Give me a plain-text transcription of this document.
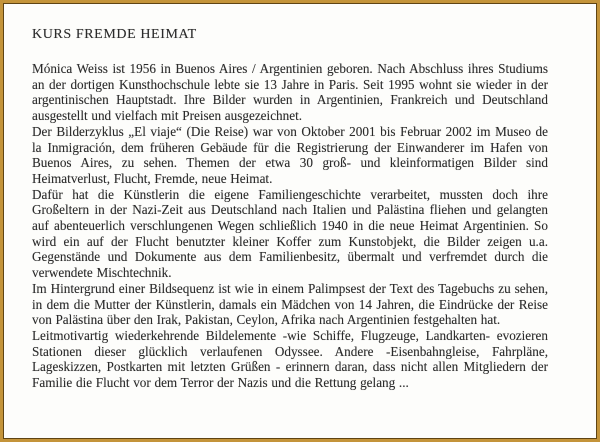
KURS FREMDE HEIMAT

Mónica Weiss ist 1956 in Buenos Aires / Argentinien geboren. Nach Abschluss ihres Studiums an der dortigen Kunsthochschule lebte sie 13 Jahre in Paris. Seit 1995 wohnt sie wieder in der argentinischen Hauptstadt. Ihre Bilder wurden in Argentinien, Frankreich und Deutschland ausgestellt und vielfach mit Preisen ausgezeichnet.

Der Bilderzyklus „El viaje“ (Die Reise) war von Oktober 2001 bis Februar 2002 im Museo de la Inmigración, dem früheren Gebäude für die Registrierung der Einwanderer im Hafen von Buenos Aires, zu sehen. Themen der etwa 30 groß- und kleinformatigen Bilder sind Heimatverlust, Flucht, Fremde, neue Heimat.

Dafür hat die Künstlerin die eigene Familiengeschichte verarbeitet, mussten doch ihre Großeltern in der Nazi-Zeit aus Deutschland nach Italien und Palästina fliehen und gelangten auf abenteuerlich verschlungenen Wegen schließlich 1940 in die neue Heimat Argentinien. So wird ein auf der Flucht benutzter kleiner Koffer zum Kunstobjekt, die Bilder zeigen u.a. Gegenstände und Dokumente aus dem Familienbesitz, übermalt und verfremdet durch die verwendete Mischtechnik.

Im Hintergrund einer Bildsequenz ist wie in einem Palimpsest der Text des Tagebuchs zu sehen, in dem die Mutter der Künstlerin, damals ein Mädchen von 14 Jahren, die Eindrücke der Reise von Palästina über den Irak, Pakistan, Ceylon, Afrika nach Argentinien festgehalten hat.

Leitmotivartig wiederkehrende Bildelemente -wie Schiffe, Flugzeuge, Landkarten- evozieren Stationen dieser glücklich verlaufenen Odyssee. Andere -Eisenbahngleise, Fahrpläne, Lageskizzen, Postkarten mit letzten Grüßen - erinnern daran, dass nicht allen Mitgliedern der Familie die Flucht vor dem Terror der Nazis und die Rettung gelang ...
